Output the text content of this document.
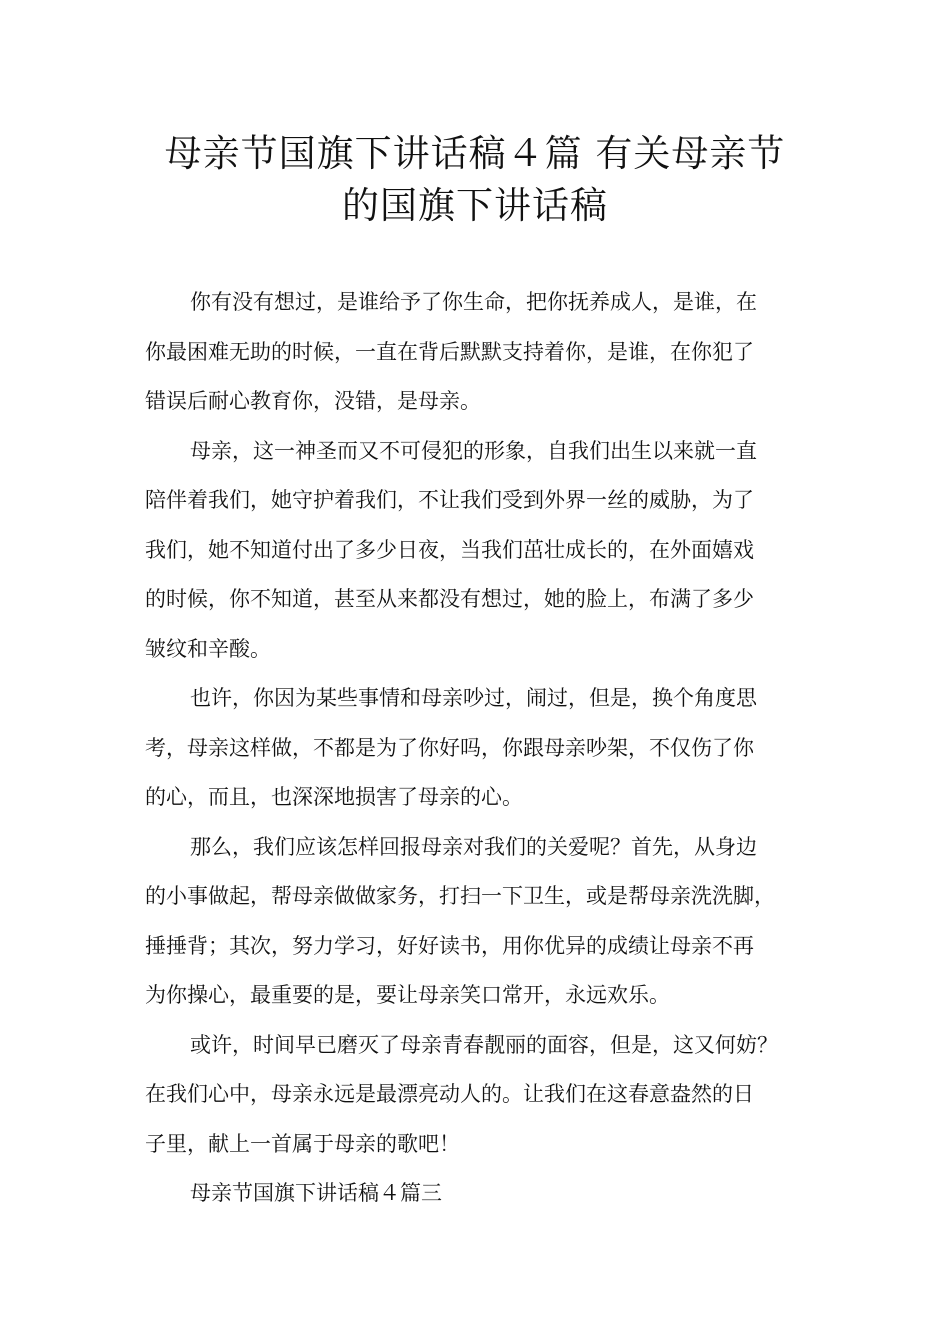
母亲节国旗下讲话稿４篇 有关母亲节
的国旗下讲话稿

你有没有想过，是谁给予了你生命，把你抚养成人，是谁，在
你最困难无助的时候，一直在背后默默支持着你，是谁，在你犯了
错误后耐心教育你，没错，是母亲。

母亲，这一神圣而又不可侵犯的形象，自我们出生以来就一直
陪伴着我们，她守护着我们，不让我们受到外界一丝的威胁，为了
我们，她不知道付出了多少日夜，当我们茁壮成长的，在外面嬉戏
的时候，你不知道，甚至从来都没有想过，她的脸上，布满了多少
皱纹和辛酸。

也许，你因为某些事情和母亲吵过，闹过，但是，换个角度思
考，母亲这样做，不都是为了你好吗，你跟母亲吵架，不仅伤了你
的心，而且，也深深地损害了母亲的心。

那么，我们应该怎样回报母亲对我们的关爱呢？首先，从身边
的小事做起，帮母亲做做家务，打扫一下卫生，或是帮母亲洗洗脚，
捶捶背；其次，努力学习，好好读书，用你优异的成绩让母亲不再
为你操心，最重要的是，要让母亲笑口常开，永远欢乐。

或许，时间早已磨灭了母亲青春靓丽的面容，但是，这又何妨？
在我们心中，母亲永远是最漂亮动人的。让我们在这春意盎然的日
子里，献上一首属于母亲的歌吧！

母亲节国旗下讲话稿４篇三
